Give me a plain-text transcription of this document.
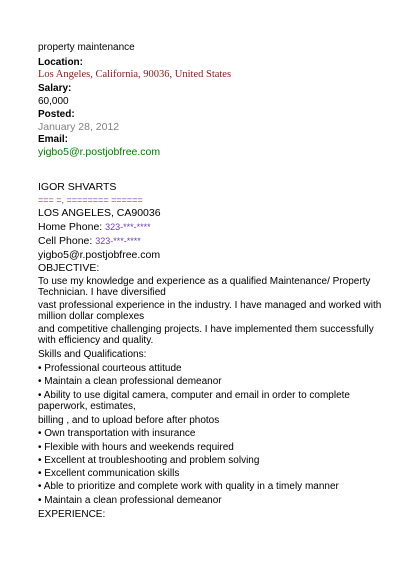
property maintenance
Location:
Los Angeles, California, 90036, United States
Salary:
60,000
Posted:
January 28, 2012
Email:
yigbo5@r.postjobfree.com
IGOR SHVARTS
=== =, ======== ======
LOS ANGELES, CA90036
Home Phone: 323-***-****
Cell Phone: 323-***-****
yigbo5@r.postjobfree.com
OBJECTIVE:
To use my knowledge and experience as a qualified Maintenance/ Property
Technician. I have diversified
vast professional experience in the industry. I have managed and worked with
million dollar complexes
and competitive challenging projects. I have implemented them successfully
with efficiency and quality.
Skills and Qualifications:
• Professional courteous attitude
• Maintain a clean professional demeanor
• Ability to use digital camera, computer and email in order to complete
paperwork, estimates,
billing , and to upload before after photos
• Own transportation with insurance
• Flexible with hours and weekends required
• Excellent at troubleshooting and problem solving
• Excellent communication skills
• Able to prioritize and complete work with quality in a timely manner
• Maintain a clean professional demeanor
EXPERIENCE:
